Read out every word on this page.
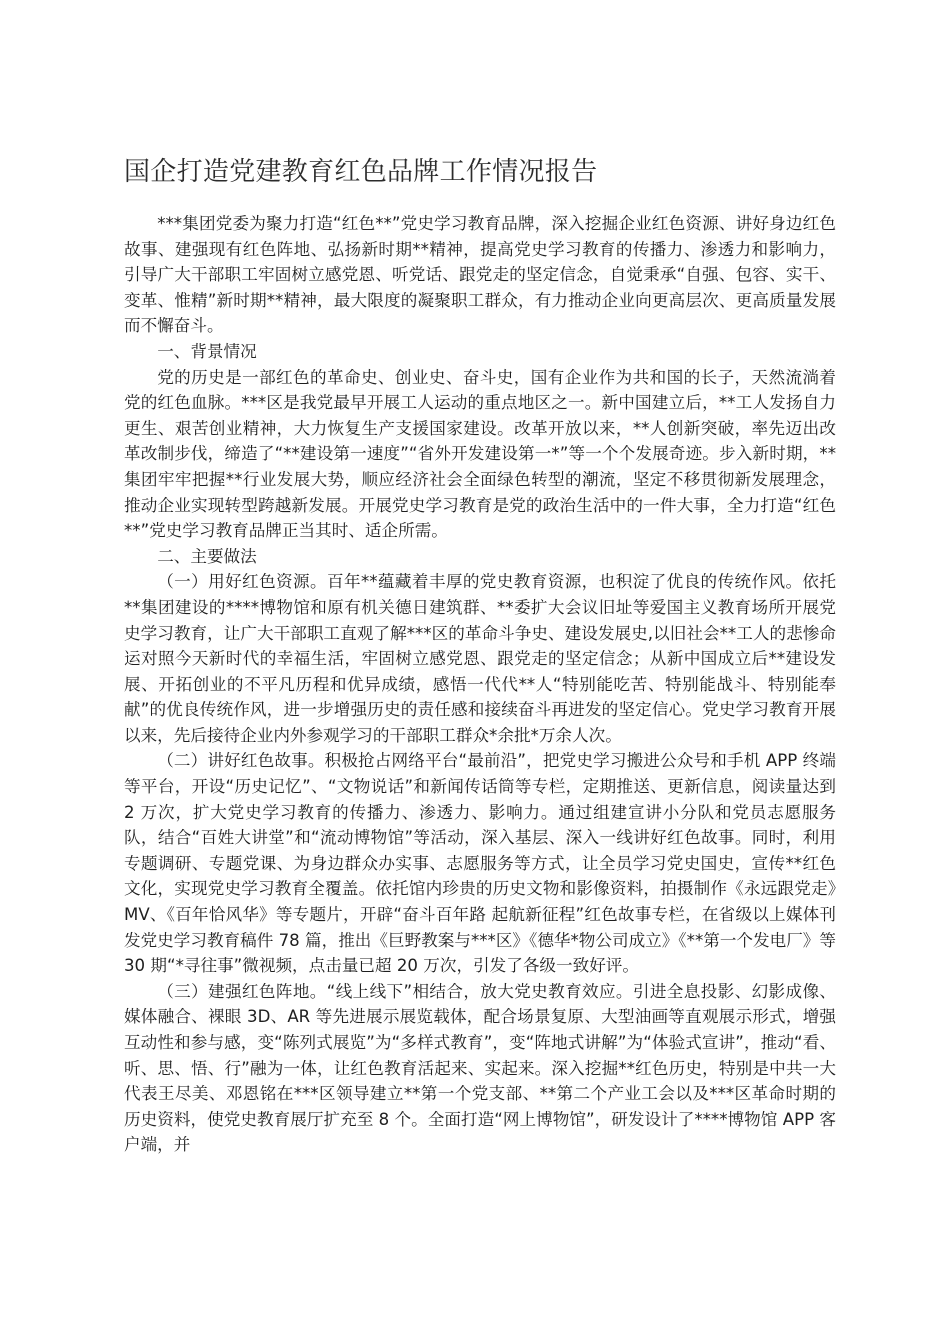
国企打造党建教育红色品牌工作情况报告

***集团党委为聚力打造“红色**”党史学习教育品牌，深入挖掘企业红色资源、讲好身边红色故事、建强现有红色阵地、弘扬新时期**精神，提高党史学习教育的传播力、渗透力和影响力，引导广大干部职工牢固树立感党恩、听党话、跟党走的坚定信念，自觉秉承“自强、包容、实干、变革、惟精”新时期**精神，最大限度的凝聚职工群众，有力推动企业向更高层次、更高质量发展而不懈奋斗。

一、背景情况

党的历史是一部红色的革命史、创业史、奋斗史，国有企业作为共和国的长子，天然流淌着党的红色血脉。***区是我党最早开展工人运动的重点地区之一。新中国建立后，**工人发扬自力更生、艰苦创业精神，大力恢复生产支援国家建设。改革开放以来，**人创新突破，率先迈出改革改制步伐，缔造了“**建设第一速度”“省外开发建设第一*”等一个个发展奇迹。步入新时期，**集团牢牢把握**行业发展大势，顺应经济社会全面绿色转型的潮流，坚定不移贯彻新发展理念，推动企业实现转型跨越新发展。开展党史学习教育是党的政治生活中的一件大事，全力打造“红色**”党史学习教育品牌正当其时、适企所需。

二、主要做法

（一）用好红色资源。百年**蕴藏着丰厚的党史教育资源，也积淀了优良的传统作风。依托**集团建设的****博物馆和原有机关德日建筑群、**委扩大会议旧址等爱国主义教育场所开展党史学习教育，让广大干部职工直观了解***区的革命斗争史、建设发展史,以旧社会**工人的悲惨命运对照今天新时代的幸福生活，牢固树立感党恩、跟党走的坚定信念；从新中国成立后**建设发展、开拓创业的不平凡历程和优异成绩，感悟一代代**人“特别能吃苦、特别能战斗、特别能奉献”的优良传统作风，进一步增强历史的责任感和接续奋斗再进发的坚定信心。党史学习教育开展以来，先后接待企业内外参观学习的干部职工群众*余批*万余人次。

（二）讲好红色故事。积极抢占网络平台“最前沿”，把党史学习搬进公众号和手机 APP 终端等平台，开设“历史记忆”、“文物说话”和新闻传话筒等专栏，定期推送、更新信息，阅读量达到 2 万次，扩大党史学习教育的传播力、渗透力、影响力。通过组建宣讲小分队和党员志愿服务队，结合“百姓大讲堂”和“流动博物馆”等活动，深入基层、深入一线讲好红色故事。同时，利用专题调研、专题党课、为身边群众办实事、志愿服务等方式，让全员学习党史国史，宣传**红色文化，实现党史学习教育全覆盖。依托馆内珍贵的历史文物和影像资料，拍摄制作《永远跟党走》MV、《百年恰风华》等专题片，开辟“奋斗百年路 起航新征程”红色故事专栏，在省级以上媒体刊发党史学习教育稿件 78 篇，推出《巨野教案与***区》《德华*物公司成立》《**第一个发电厂》等 30 期“*寻往事”微视频，点击量已超 20 万次，引发了各级一致好评。

（三）建强红色阵地。“线上线下”相结合，放大党史教育效应。引进全息投影、幻影成像、媒体融合、裸眼 3D、AR 等先进展示展览载体，配合场景复原、大型油画等直观展示形式，增强互动性和参与感，变“陈列式展览”为“多样式教育”，变“阵地式讲解”为“体验式宣讲”，推动“看、听、思、悟、行”融为一体，让红色教育活起来、实起来。深入挖掘**红色历史，特别是中共一大代表王尽美、邓恩铭在***区领导建立**第一个党支部、**第二个产业工会以及***区革命时期的历史资料，使党史教育展厅扩充至 8 个。全面打造“网上博物馆”，研发设计了****博物馆 APP 客户端，并
